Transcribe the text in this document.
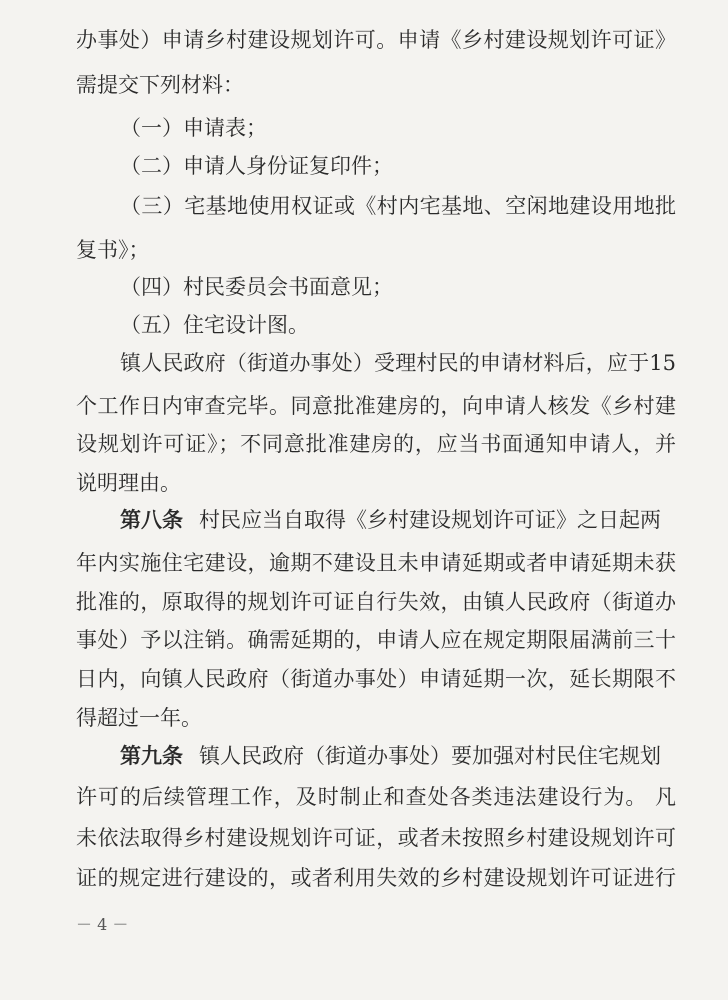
办事处）申请乡村建设规划许可。申请《乡村建设规划许可证》
需提交下列材料：
（一）申请表；
（二）申请人身份证复印件；
（三）宅基地使用权证或《村内宅基地、空闲地建设用地批
复书》；
（四）村民委员会书面意见；
（五）住宅设计图。
镇人民政府（街道办事处）受理村民的申请材料后，应于15
个工作日内审查完毕。同意批准建房的，向申请人核发《乡村建
设规划许可证》；不同意批准建房的，应当书面通知申请人，并
说明理由。
第八条 村民应当自取得《乡村建设规划许可证》之日起两
年内实施住宅建设，逾期不建设且未申请延期或者申请延期未获
批准的，原取得的规划许可证自行失效，由镇人民政府（街道办
事处）予以注销。确需延期的，申请人应在规定期限届满前三十
日内，向镇人民政府（街道办事处）申请延期一次，延长期限不
得超过一年。
第九条 镇人民政府（街道办事处）要加强对村民住宅规划
许可的后续管理工作，及时制止和查处各类违法建设行为。 凡
未依法取得乡村建设规划许可证，或者未按照乡村建设规划许可
证的规定进行建设的，或者利用失效的乡村建设规划许可证进行
－ 4 －
